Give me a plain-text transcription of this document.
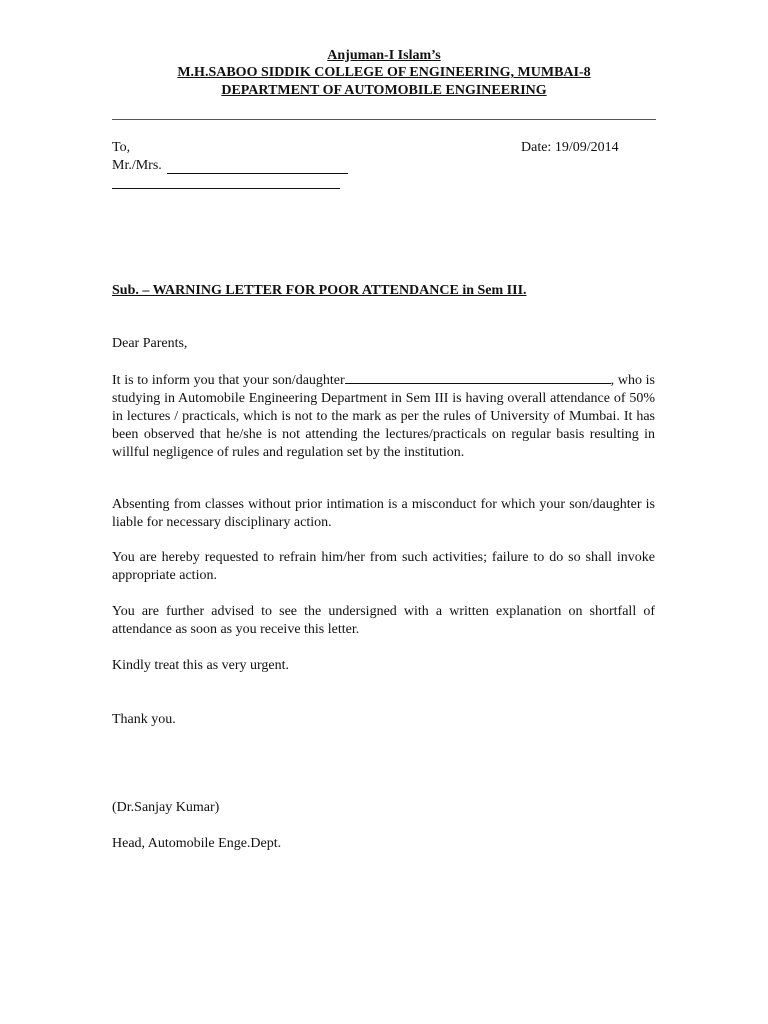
Anjuman-I Islam’s
M.H.SABOO SIDDIK COLLEGE OF ENGINEERING, MUMBAI-8
DEPARTMENT OF AUTOMOBILE ENGINEERING
To,	Date: 19/09/2014
Mr./Mrs.
Sub. – WARNING LETTER FOR POOR ATTENDANCE in Sem III.
Dear Parents,
It is to inform you that your son/daughter	, who is studying in Automobile Engineering Department in Sem III is having overall attendance of 50% in lectures / practicals, which is not to the mark as per the rules of University of Mumbai. It has been observed that he/she is not attending the lectures/practicals on regular basis resulting in willful negligence of rules and regulation set by the institution.
Absenting from classes without prior intimation is a misconduct for which your son/daughter is liable for necessary disciplinary action.
You are hereby requested to refrain him/her from such activities; failure to do so shall invoke appropriate action.
You are further advised to see the undersigned with a written explanation on shortfall of attendance as soon as you receive this letter.
Kindly treat this as very urgent.
Thank you.
(Dr.Sanjay Kumar)
Head, Automobile Enge.Dept.
